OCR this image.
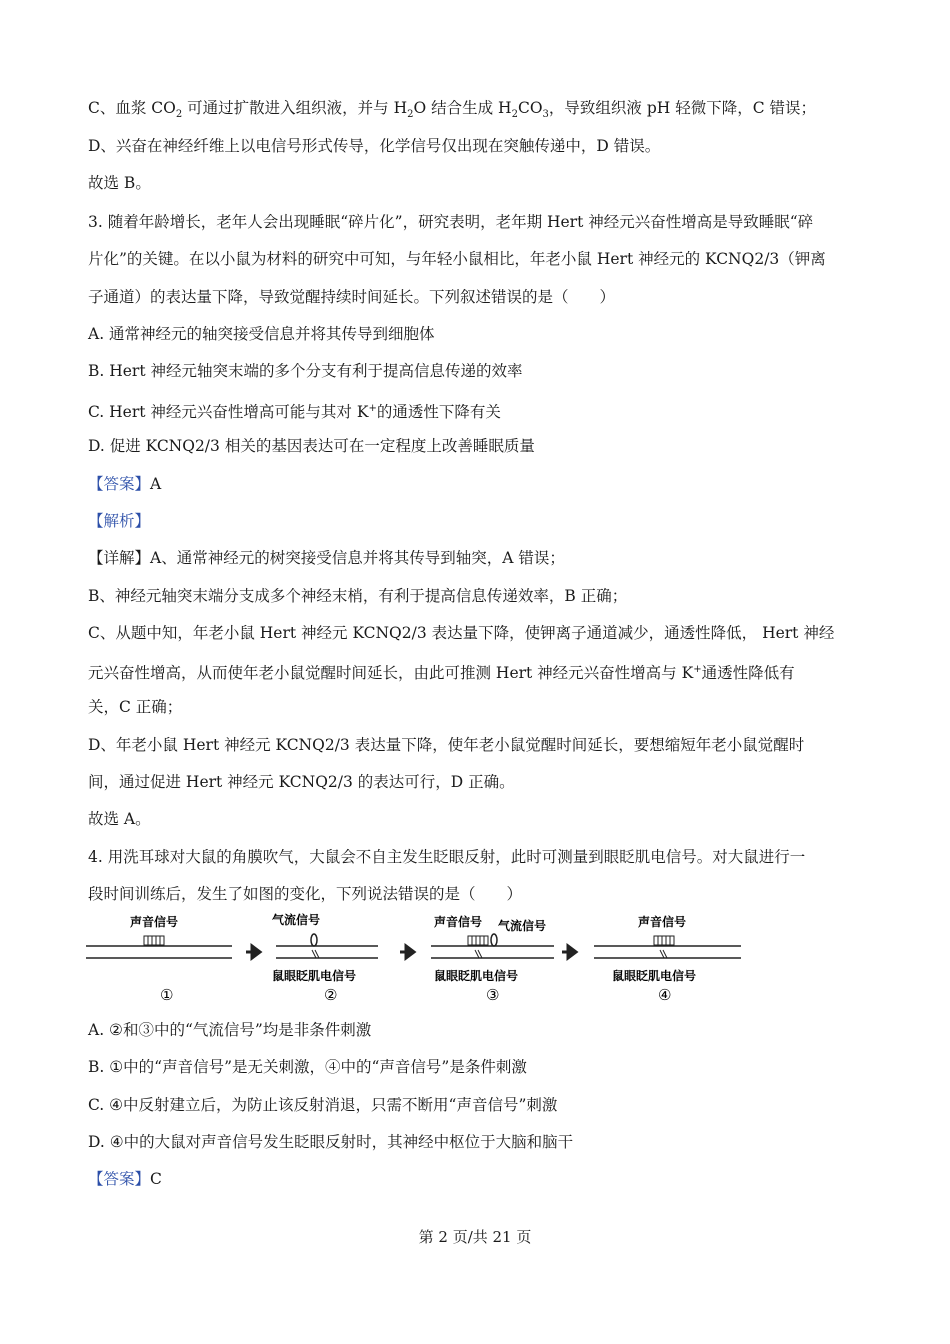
C、血浆 $CO_2$ 可通过扩散进入组织液，并与 $H_2O$ 结合生成 $H_2CO_3$，导致组织液 pH 轻微下降，C 错误；
D、兴奋在神经纤维上以电信号形式传导，化学信号仅出现在突触传递中，D 错误。
故选 B。
3. 随着年龄增长，老年人会出现睡眠“碎片化”，研究表明，老年期 Hert 神经元兴奋性增高是导致睡眠“碎
片化”的关键。在以小鼠为材料的研究中可知，与年轻小鼠相比，年老小鼠 Hert 神经元的 KCNQ2/3（钾离
子通道）的表达量下降，导致觉醒持续时间延长。下列叙述错误的是（　　）
A. 通常神经元的轴突接受信息并将其传导到细胞体
B. Hert 神经元轴突末端的多个分支有利于提高信息传递的效率
C. Hert 神经元兴奋性增高可能与其对 K+的通透性下降有关
D. 促进 KCNQ2/3 相关的基因表达可在一定程度上改善睡眠质量
【答案】A
【解析】
【详解】A、通常神经元的树突接受信息并将其传导到轴突，A 错误；
B、神经元轴突末端分支成多个神经末梢，有利于提高信息传递效率，B 正确；
C、从题中知，年老小鼠 Hert 神经元 KCNQ2/3 表达量下降，使钾离子通道减少，通透性降低， Hert 神经
元兴奋性增高，从而使年老小鼠觉醒时间延长，由此可推测 Hert 神经元兴奋性增高与 K+通透性降低有
关，C 正确；
D、年老小鼠 Hert 神经元 KCNQ2/3 表达量下降，使年老小鼠觉醒时间延长，要想缩短年老小鼠觉醒时
间，通过促进 Hert 神经元 KCNQ2/3 的表达可行，D 正确。
故选 A。
4. 用洗耳球对大鼠的角膜吹气，大鼠会不自主发生眨眼反射，此时可测量到眼眨肌电信号。对大鼠进行一
段时间训练后，发生了如图的变化，下列说法错误的是（　　）
声音信号
①
气流信号
鼠眼眨肌电信号
②
声音信号 气流信号
鼠眼眨肌电信号
③
声音信号
鼠眼眨肌电信号
④
A. ②和③中的“气流信号”均是非条件刺激
B. ①中的“声音信号”是无关刺激，④中的“声音信号”是条件刺激
C. ④中反射建立后，为防止该反射消退，只需不断用“声音信号”刺激
D. ④中的大鼠对声音信号发生眨眼反射时，其神经中枢位于大脑和脑干
【答案】C
第 2 页/共 21 页
